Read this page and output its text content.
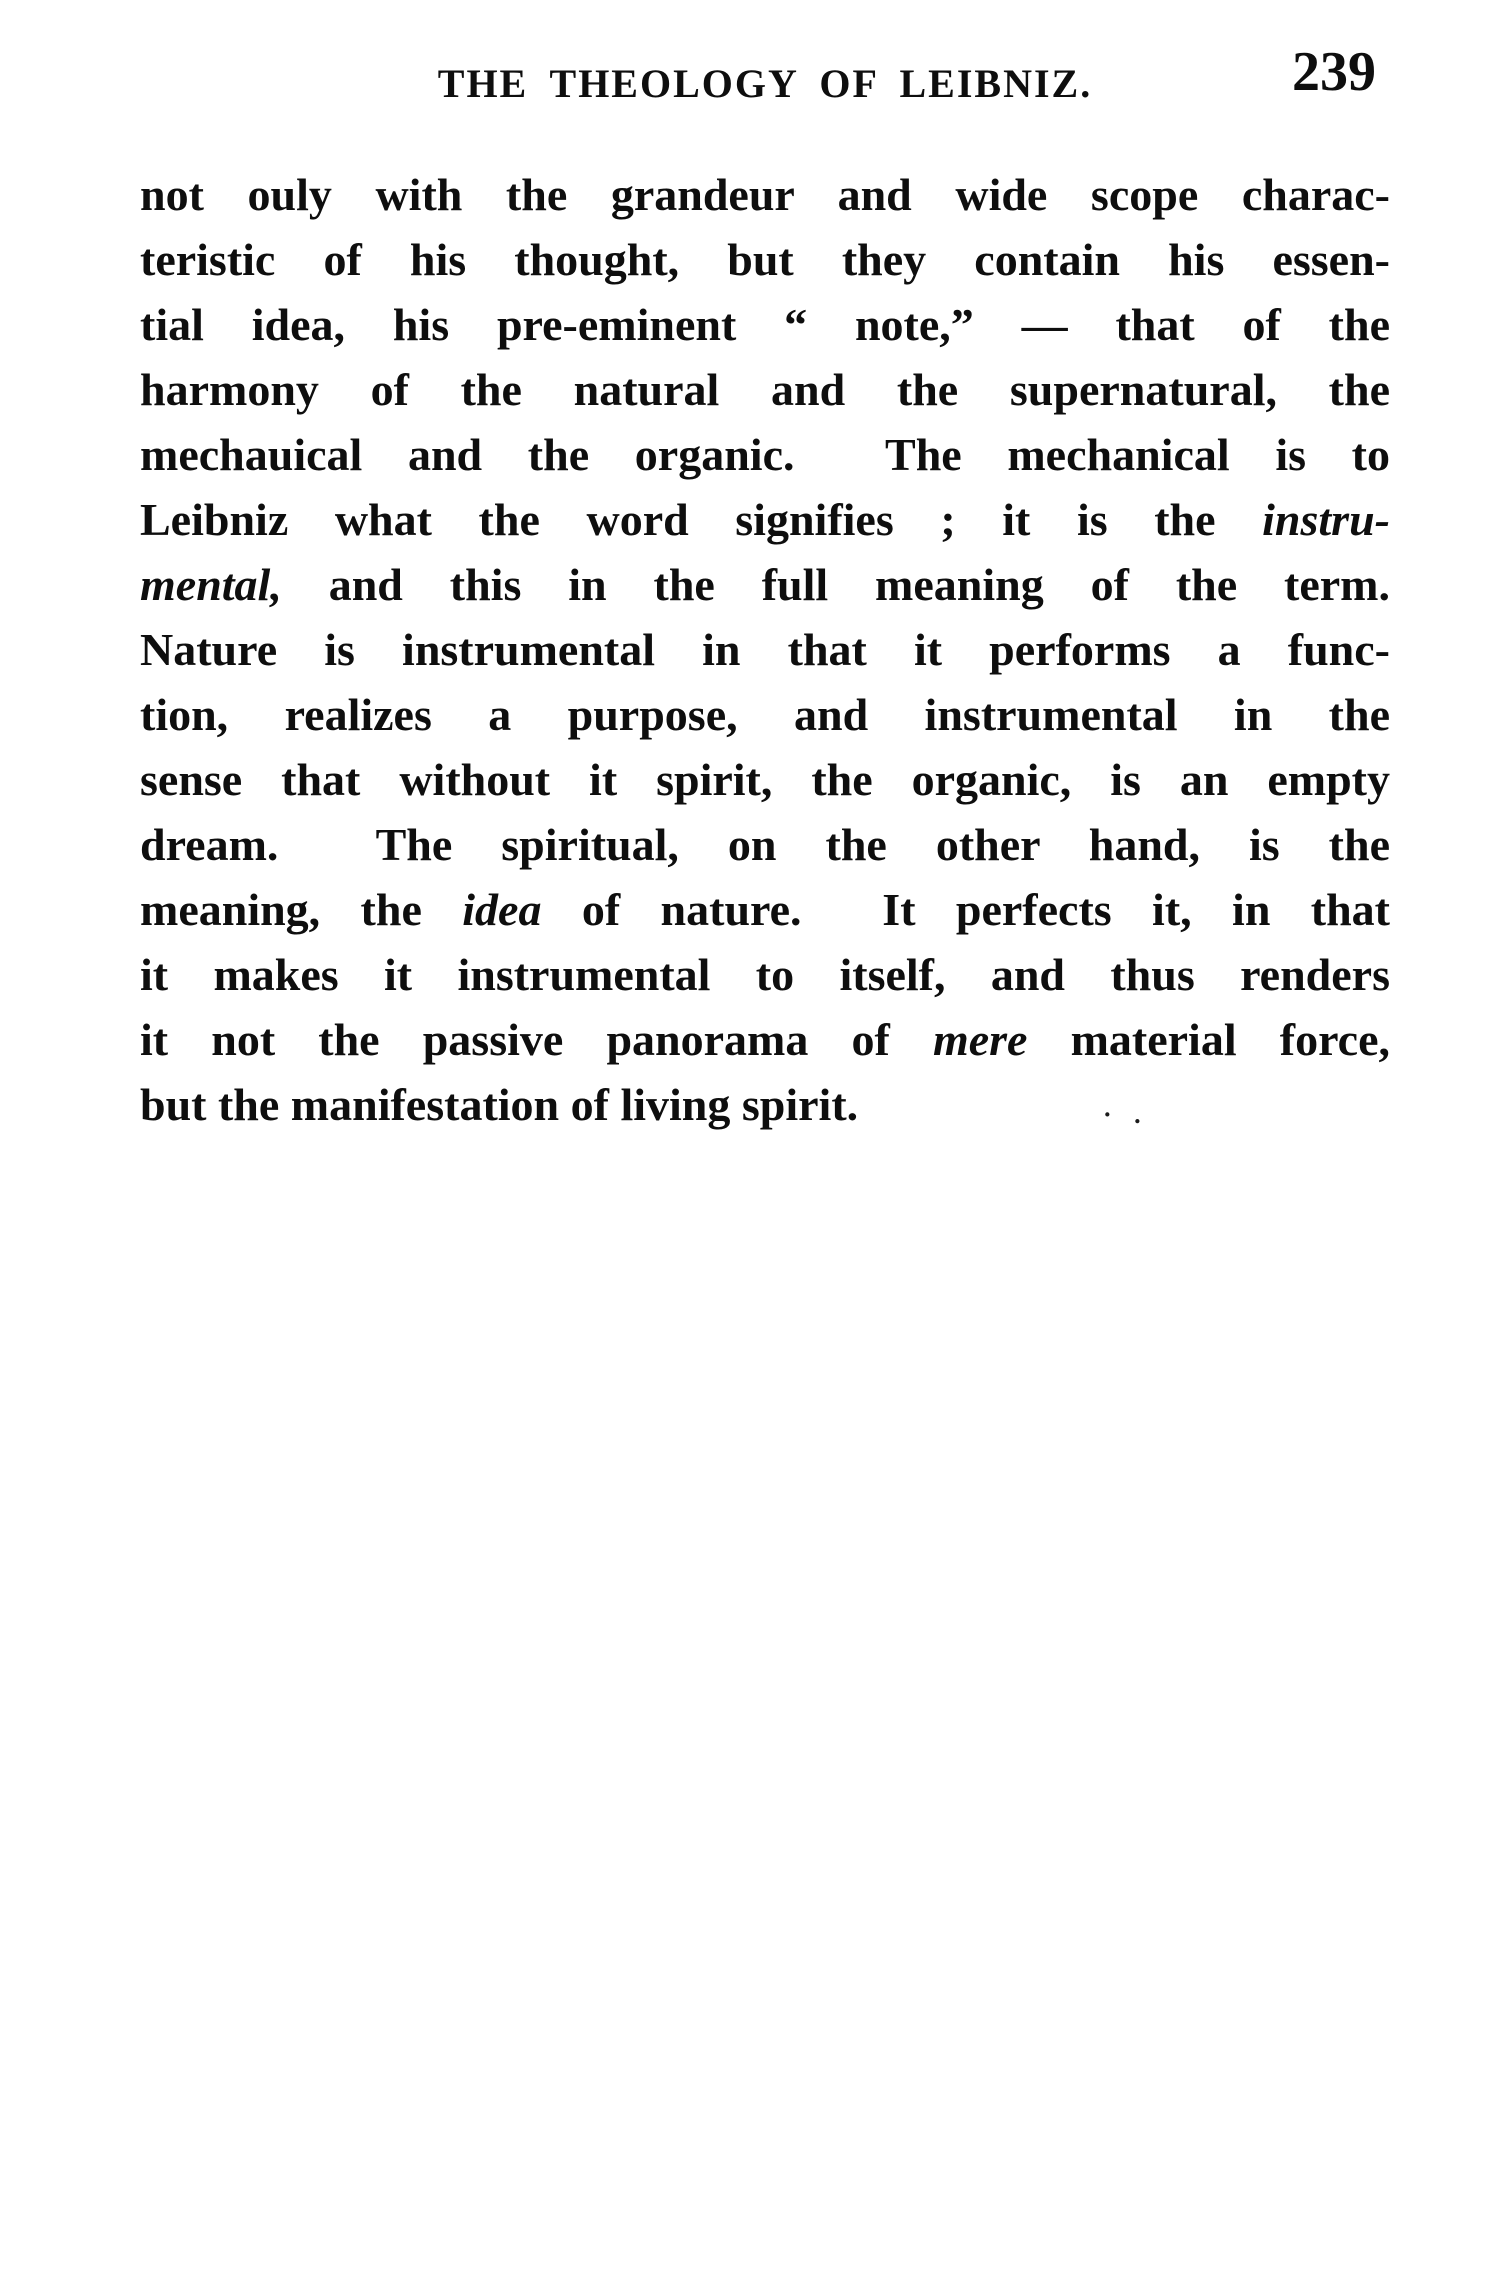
THE THEOLOGY OF LEIBNIZ.	239
not ouly with the grandeur and wide scope charac-
teristic of his thought, but they contain his essen-
tial idea, his pre-eminent “ note,” — that of the
harmony of the natural and the supernatural, the
mechauical and the organic.  The mechanical is to
Leibniz what the word signifies ; it is the instru-
mental, and this in the full meaning of the term.
Nature is instrumental in that it performs a func-
tion, realizes a purpose, and instrumental in the
sense that without it spirit, the organic, is an empty
dream.  The spiritual, on the other hand, is the
meaning, the idea of nature.  It perfects it, in that
it makes it instrumental to itself, and thus renders
it not the passive panorama of mere material force,
but the manifestation of living spirit.	· .
